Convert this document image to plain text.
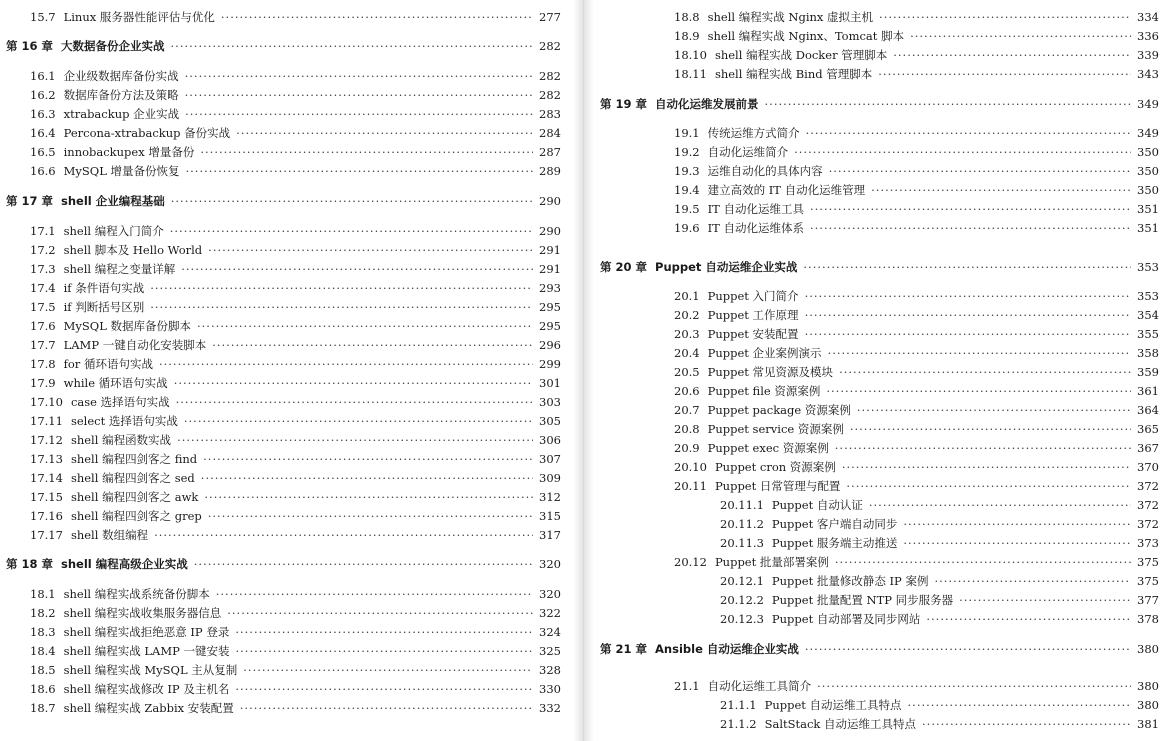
15.7 Linux 服务器性能评估与优化 ·····	277
第 16 章 大数据备份企业实战 ·····	282
16.1 企业级数据库备份实战 ·····	282
16.2 数据库备份方法及策略 ·····	282
16.3 xtrabackup 企业实战 ·····	283
16.4 Percona-xtrabackup 备份实战 ·····	284
16.5 innobackupex 增量备份 ·····	287
16.6 MySQL 增量备份恢复 ·····	289
第 17 章 shell 企业编程基础 ·····	290
17.1 shell 编程入门简介 ·····	290
17.2 shell 脚本及 Hello World ·····	291
17.3 shell 编程之变量详解 ·····	291
17.4 if 条件语句实战 ·····	293
17.5 if 判断括号区别 ·····	295
17.6 MySQL 数据库备份脚本 ·····	295
17.7 LAMP 一键自动化安装脚本 ·····	296
17.8 for 循环语句实战 ·····	299
17.9 while 循环语句实战 ·····	301
17.10 case 选择语句实战 ·····	303
17.11 select 选择语句实战 ·····	305
17.12 shell 编程函数实战 ·····	306
17.13 shell 编程四剑客之 find ·····	307
17.14 shell 编程四剑客之 sed ·····	309
17.15 shell 编程四剑客之 awk ·····	312
17.16 shell 编程四剑客之 grep ·····	315
17.17 shell 数组编程 ·····	317
第 18 章 shell 编程高级企业实战 ·····	320
18.1 shell 编程实战系统备份脚本 ·····	320
18.2 shell 编程实战收集服务器信息 ·····	322
18.3 shell 编程实战拒绝恶意 IP 登录 ·····	324
18.4 shell 编程实战 LAMP 一键安装 ·····	325
18.5 shell 编程实战 MySQL 主从复制 ·····	328
18.6 shell 编程实战修改 IP 及主机名 ·····	330
18.7 shell 编程实战 Zabbix 安装配置 ·····	332
18.8 shell 编程实战 Nginx 虚拟主机 ·····	334
18.9 shell 编程实战 Nginx、Tomcat 脚本 ·····	336
18.10 shell 编程实战 Docker 管理脚本 ·····	339
18.11 shell 编程实战 Bind 管理脚本 ·····	343
第 19 章 自动化运维发展前景 ·····	349
19.1 传统运维方式简介 ·····	349
19.2 自动化运维简介 ·····	350
19.3 运维自动化的具体内容 ·····	350
19.4 建立高效的 IT 自动化运维管理 ·····	350
19.5 IT 自动化运维工具 ·····	351
19.6 IT 自动化运维体系 ·····	351
第 20 章 Puppet 自动运维企业实战 ·····	353
20.1 Puppet 入门简介 ·····	353
20.2 Puppet 工作原理 ·····	354
20.3 Puppet 安装配置 ·····	355
20.4 Puppet 企业案例演示 ·····	358
20.5 Puppet 常见资源及模块 ·····	359
20.6 Puppet file 资源案例 ·····	361
20.7 Puppet package 资源案例 ·····	364
20.8 Puppet service 资源案例 ·····	365
20.9 Puppet exec 资源案例 ·····	367
20.10 Puppet cron 资源案例 ·····	370
20.11 Puppet 日常管理与配置 ·····	372
20.11.1 Puppet 自动认证 ·····	372
20.11.2 Puppet 客户端自动同步 ·····	372
20.11.3 Puppet 服务端主动推送 ·····	373
20.12 Puppet 批量部署案例 ·····	375
20.12.1 Puppet 批量修改静态 IP 案例 ·····	375
20.12.2 Puppet 批量配置 NTP 同步服务器 ·····	377
20.12.3 Puppet 自动部署及同步网站 ·····	378
第 21 章 Ansible 自动运维企业实战 ·····	380
21.1 自动化运维工具简介 ·····	380
21.1.1 Puppet 自动运维工具特点 ·····	380
21.1.2 SaltStack 自动运维工具特点 ·····	381
